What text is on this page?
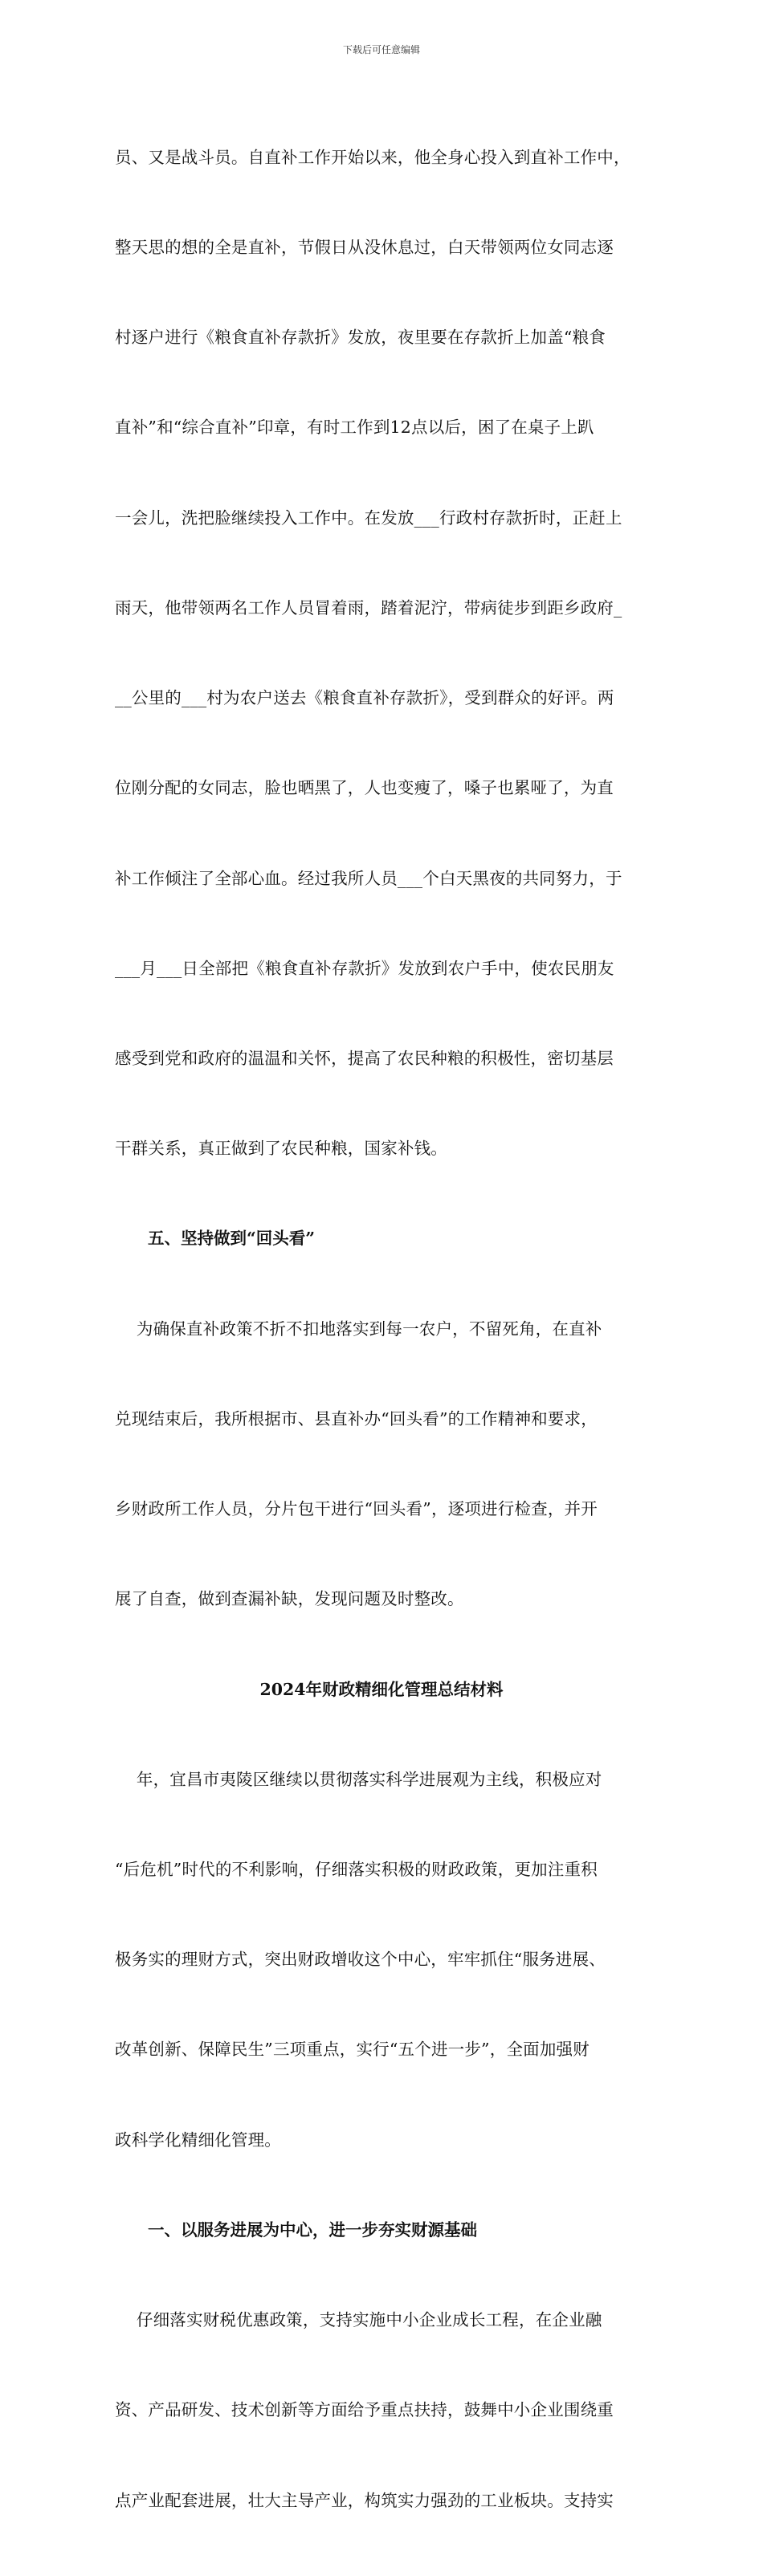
下载后可任意编辑

员、又是战斗员。自直补工作开始以来，他全身心投入到直补工作中，

整天思的想的全是直补，节假日从没休息过，白天带领两位女同志逐

村逐户进行《粮食直补存款折》发放，夜里要在存款折上加盖“粮食

直补”和“综合直补”印章，有时工作到12点以后，困了在桌子上趴

一会儿，洗把脸继续投入工作中。在发放___行政村存款折时，正赶上

雨天，他带领两名工作人员冒着雨，踏着泥泞，带病徒步到距乡政府_

__公里的___村为农户送去《粮食直补存款折》，受到群众的好评。两

位刚分配的女同志，脸也晒黑了，人也变瘦了，嗓子也累哑了，为直

补工作倾注了全部心血。经过我所人员___个白天黑夜的共同努力，于

___月___日全部把《粮食直补存款折》发放到农户手中，使农民朋友

感受到党和政府的温温和关怀，提高了农民种粮的积极性，密切基层

干群关系，真正做到了农民种粮，国家补钱。

五、坚持做到“回头看”

为确保直补政策不折不扣地落实到每一农户，不留死角，在直补

兑现结束后，我所根据市、县直补办“回头看”的工作精神和要求，

乡财政所工作人员，分片包干进行“回头看”，逐项进行检查，并开

展了自查，做到查漏补缺，发现问题及时整改。

2024年财政精细化管理总结材料

年，宜昌市夷陵区继续以贯彻落实科学进展观为主线，积极应对

“后危机”时代的不利影响，仔细落实积极的财政政策，更加注重积

极务实的理财方式，突出财政增收这个中心，牢牢抓住“服务进展、

改革创新、保障民生”三项重点，实行“五个进一步”，全面加强财

政科学化精细化管理。

一、以服务进展为中心，进一步夯实财源基础

仔细落实财税优惠政策，支持实施中小企业成长工程，在企业融

资、产品研发、技术创新等方面给予重点扶持，鼓舞中小企业围绕重

点产业配套进展，壮大主导产业，构筑实力强劲的工业板块。支持实
